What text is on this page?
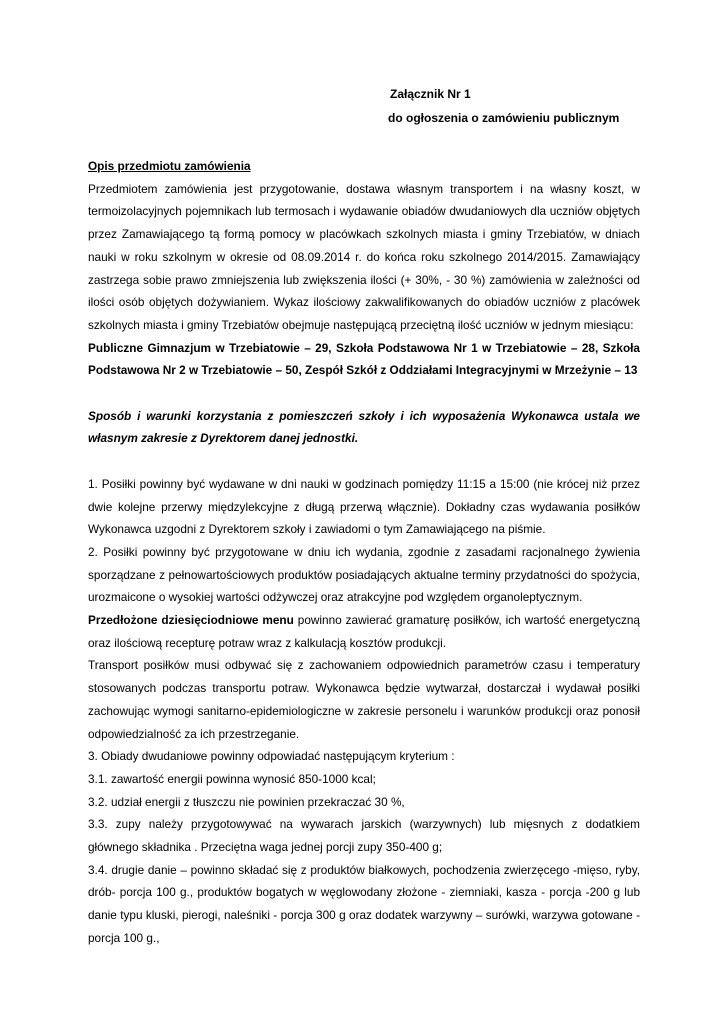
Załącznik Nr 1
do ogłoszenia o zamówieniu publicznym

Opis przedmiotu zamówienia

Przedmiotem zamówienia jest przygotowanie, dostawa własnym transportem i na własny koszt, w termoizolacyjnych pojemnikach lub termosach i wydawanie obiadów dwudaniowych dla uczniów objętych przez Zamawiającego tą formą pomocy w placówkach szkolnych miasta i gminy Trzebiatów, w dniach nauki w roku szkolnym w okresie od 08.09.2014 r. do końca roku szkolnego 2014/2015. Zamawiający zastrzega sobie prawo zmniejszenia lub zwiększenia ilości (+ 30%, - 30 %) zamówienia w zależności od ilości osób objętych dożywianiem. Wykaz ilościowy zakwalifikowanych do obiadów uczniów z placówek szkolnych miasta i gminy Trzebiatów obejmuje następującą przeciętną ilość uczniów w jednym miesiącu:

Publiczne Gimnazjum w Trzebiatowie – 29, Szkoła Podstawowa Nr 1 w Trzebiatowie – 28, Szkoła Podstawowa Nr 2 w Trzebiatowie – 50, Zespół Szkół z Oddziałami Integracyjnymi w Mrzeżynie – 13

Sposób i warunki korzystania z pomieszczeń szkoły i ich wyposażenia Wykonawca ustala we własnym zakresie z Dyrektorem danej jednostki.

1. Posiłki powinny być wydawane w dni nauki w godzinach pomiędzy 11:15 a 15:00 (nie krócej niż przez dwie kolejne przerwy międzylekcyjne z długą przerwą włącznie). Dokładny czas wydawania posiłków Wykonawca uzgodni z Dyrektorem szkoły i zawiadomi o tym Zamawiającego na piśmie.

2. Posiłki powinny być przygotowane w dniu ich wydania, zgodnie z zasadami racjonalnego żywienia sporządzane z pełnowartościowych produktów posiadających aktualne terminy przydatności do spożycia, urozmaicone o wysokiej wartości odżywczej oraz atrakcyjne pod względem organoleptycznym.

Przedłożone dziesięciodniowe menu powinno zawierać gramaturę posiłków, ich wartość energetyczną oraz ilościową recepturę potraw wraz z kalkulacją kosztów produkcji.

Transport posiłków musi odbywać się z zachowaniem odpowiednich parametrów czasu i temperatury stosowanych podczas transportu potraw. Wykonawca będzie wytwarzał, dostarczał i wydawał posiłki zachowując wymogi sanitarno-epidemiologiczne w zakresie personelu i warunków produkcji oraz ponosił odpowiedzialność za ich przestrzeganie.

3. Obiady dwudaniowe powinny odpowiadać następującym kryterium :

3.1. zawartość energii powinna wynosić 850-1000 kcal;

3.2. udział energii z tłuszczu nie powinien przekraczać 30 %,

3.3. zupy należy przygotowywać na wywarach jarskich (warzywnych) lub mięsnych z dodatkiem głównego składnika . Przeciętna waga jednej porcji zupy 350-400 g;

3.4. drugie danie – powinno składać się z produktów białkowych, pochodzenia zwierzęcego -mięso, ryby, drób- porcja 100 g., produktów bogatych w węglowodany złożone - ziemniaki, kasza - porcja -200 g lub danie typu kluski, pierogi, naleśniki - porcja 300 g oraz dodatek warzywny – surówki, warzywa gotowane - porcja 100 g.,
